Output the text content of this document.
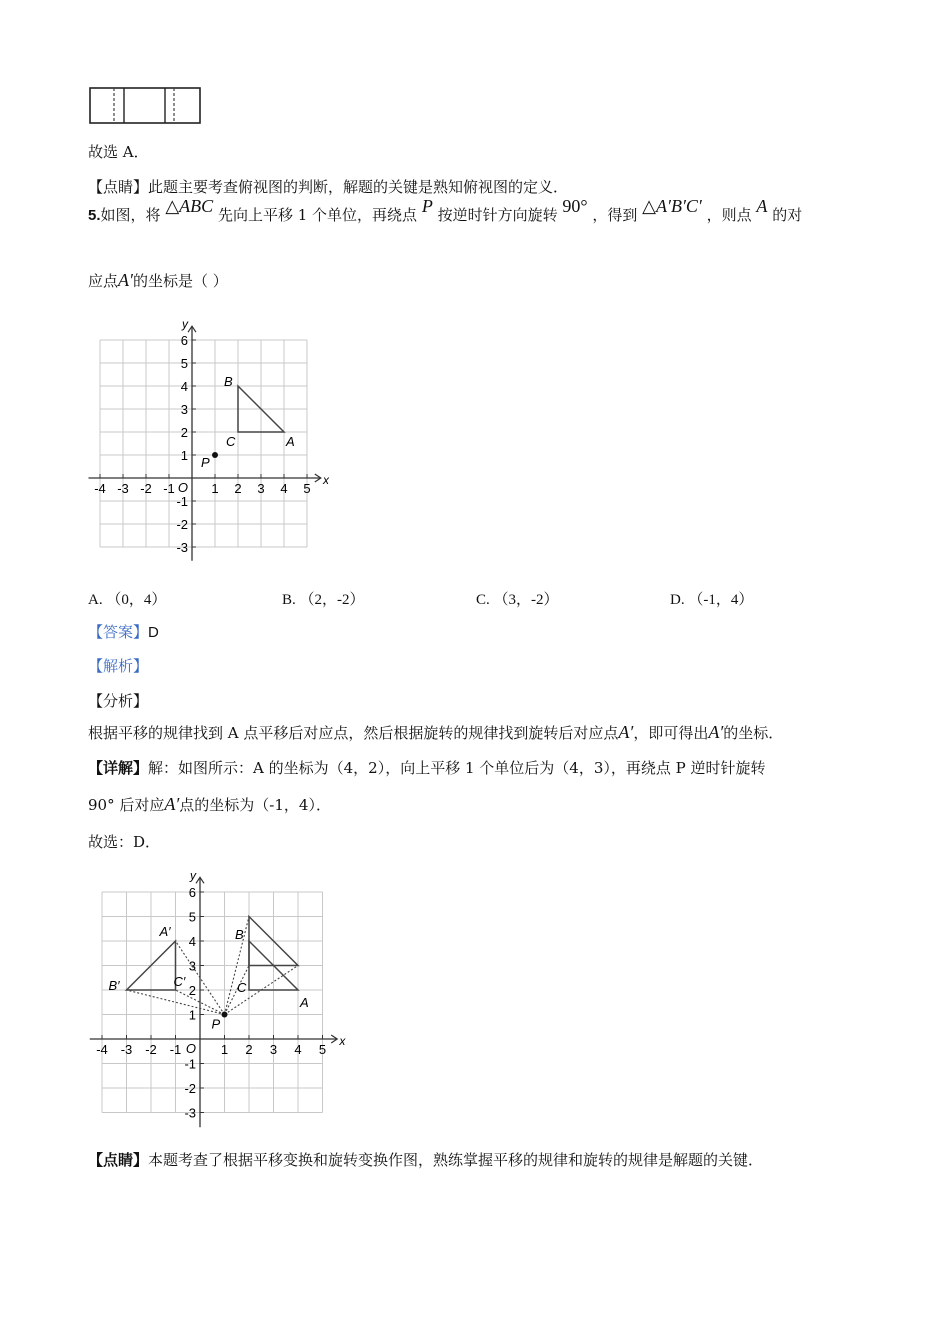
故选 A．
【点睛】此题主要考查俯视图的判断，解题的关键是熟知俯视图的定义．
5.如图，将 △ABC 先向上平移 1 个单位，再绕点 P 按逆时针方向旋转 90° ，得到 △A′B′C′ ，则点 A 的对
应点A′的坐标是（ ）
x
y
-4 -3 -2 -1	1 2 3 4 5
6
5
4
3
2
1
-1
-2
-3
O
A
B
C
P
A. （0，4）	B. （2，-2）	C. （3，-2）	D. （-1，4）
【答案】D
【解析】
【分析】
根据平移的规律找到 A 点平移后对应点，然后根据旋转的规律找到旋转后对应点A′，即可得出A′的坐标．
【详解】解：如图所示：A 的坐标为（4，2），向上平移 1 个单位后为（4，3），再绕点 P 逆时针旋转
90° 后对应A′点的坐标为（-1，4）．
故选：D．
x
y
-4 -3 -2 -1	1 2 3 4 5
6
5
4
3
2
1
-1
-2
-3
O
A
B
C
A′
B′	C′
P
【点睛】本题考查了根据平移变换和旋转变换作图，熟练掌握平移的规律和旋转的规律是解题的关键．
